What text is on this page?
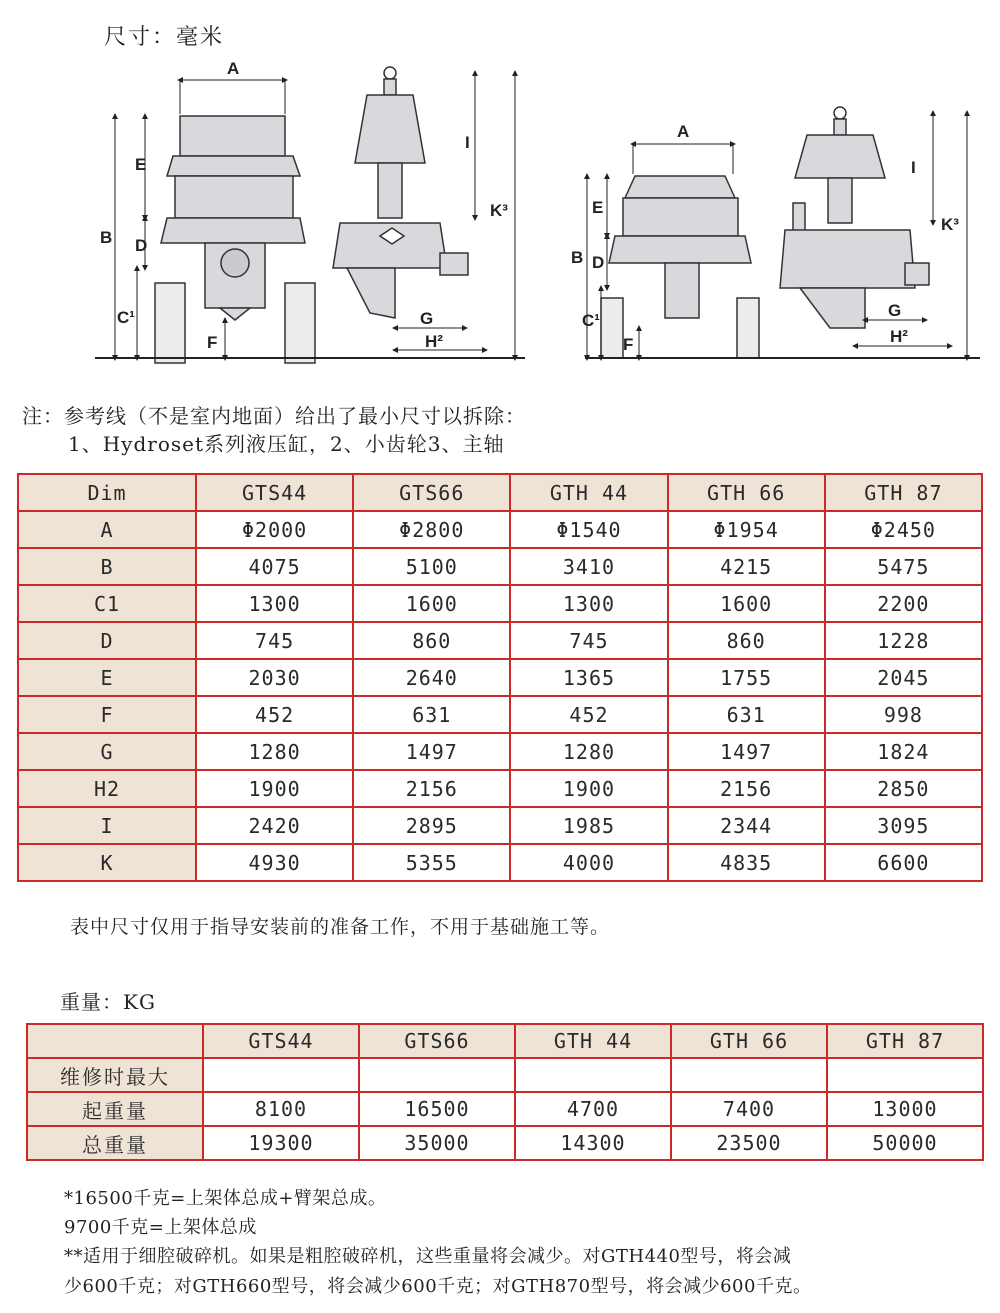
尺寸：毫米
A
B
E
D
C¹
F
I
K³
G
H²
A
B
E
D
C¹
F
I
K³
G
H²
注：参考线（不是室内地面）给出了最小尺寸以拆除：
1、Hydroset系列液压缸，2、小齿轮3、主轴
Dim	GTS44	GTS66	GTH 44	GTH 66	GTH 87
A	Φ2000	Φ2800	Φ1540	Φ1954	Φ2450
B	4075	5100	3410	4215	5475
C1	1300	1600	1300	1600	2200
D	745	860	745	860	1228
E	2030	2640	1365	1755	2045
F	452	631	452	631	998
G	1280	1497	1280	1497	1824
H2	1900	2156	1900	2156	2850
I	2420	2895	1985	2344	3095
K	4930	5355	4000	4835	6600
表中尺寸仅用于指导安装前的准备工作，不用于基础施工等。
重量：KG
	GTS44	GTS66	GTH 44	GTH 66	GTH 87
维修时最大					
起重量	8100	16500	4700	7400	13000
总重量	19300	35000	14300	23500	50000
*16500千克=上架体总成+臂架总成。
9700千克=上架体总成
**适用于细腔破碎机。如果是粗腔破碎机，这些重量将会减少。对GTH440型号，将会减
少600千克；对GTH660型号，将会减少600千克；对GTH870型号，将会减少600千克。
